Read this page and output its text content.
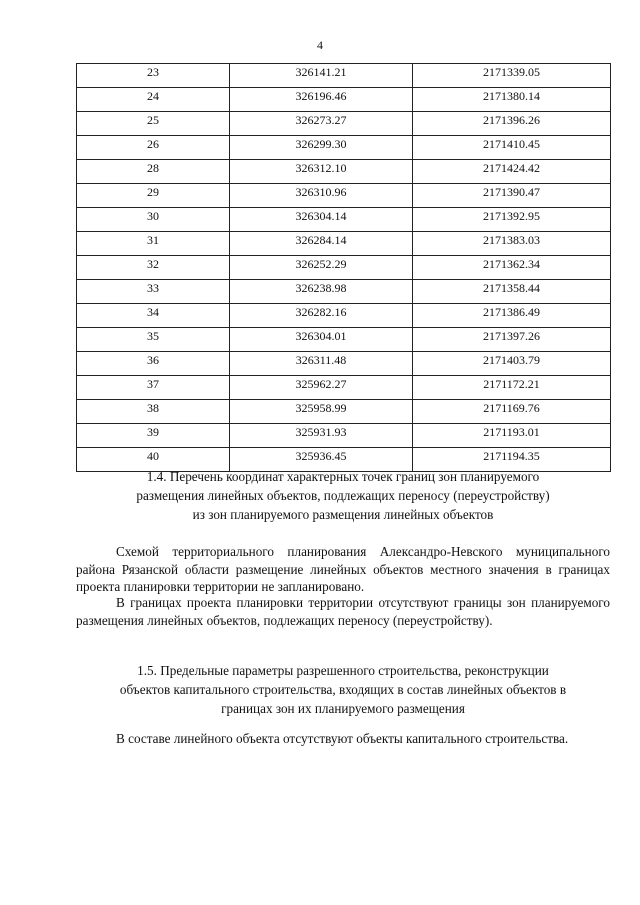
4
23	326141.21	2171339.05
24	326196.46	2171380.14
25	326273.27	2171396.26
26	326299.30	2171410.45
28	326312.10	2171424.42
29	326310.96	2171390.47
30	326304.14	2171392.95
31	326284.14	2171383.03
32	326252.29	2171362.34
33	326238.98	2171358.44
34	326282.16	2171386.49
35	326304.01	2171397.26
36	326311.48	2171403.79
37	325962.27	2171172.21
38	325958.99	2171169.76
39	325931.93	2171193.01
40	325936.45	2171194.35
1.4. Перечень координат характерных точек границ зон планируемого
размещения линейных объектов, подлежащих переносу (переустройству)
из зон планируемого размещения линейных объектов

Схемой территориального планирования Александро-Невского муниципального района Рязанской области размещение линейных объектов местного значения в границах проекта планировки территории не запланировано.

В границах проекта планировки территории отсутствуют границы зон планируемого размещения линейных объектов, подлежащих переносу (переустройству).

1.5. Предельные параметры разрешенного строительства, реконструкции
объектов капитального строительства, входящих в состав линейных объектов в
границах зон их планируемого размещения

В составе линейного объекта отсутствуют объекты капитального строительства.
